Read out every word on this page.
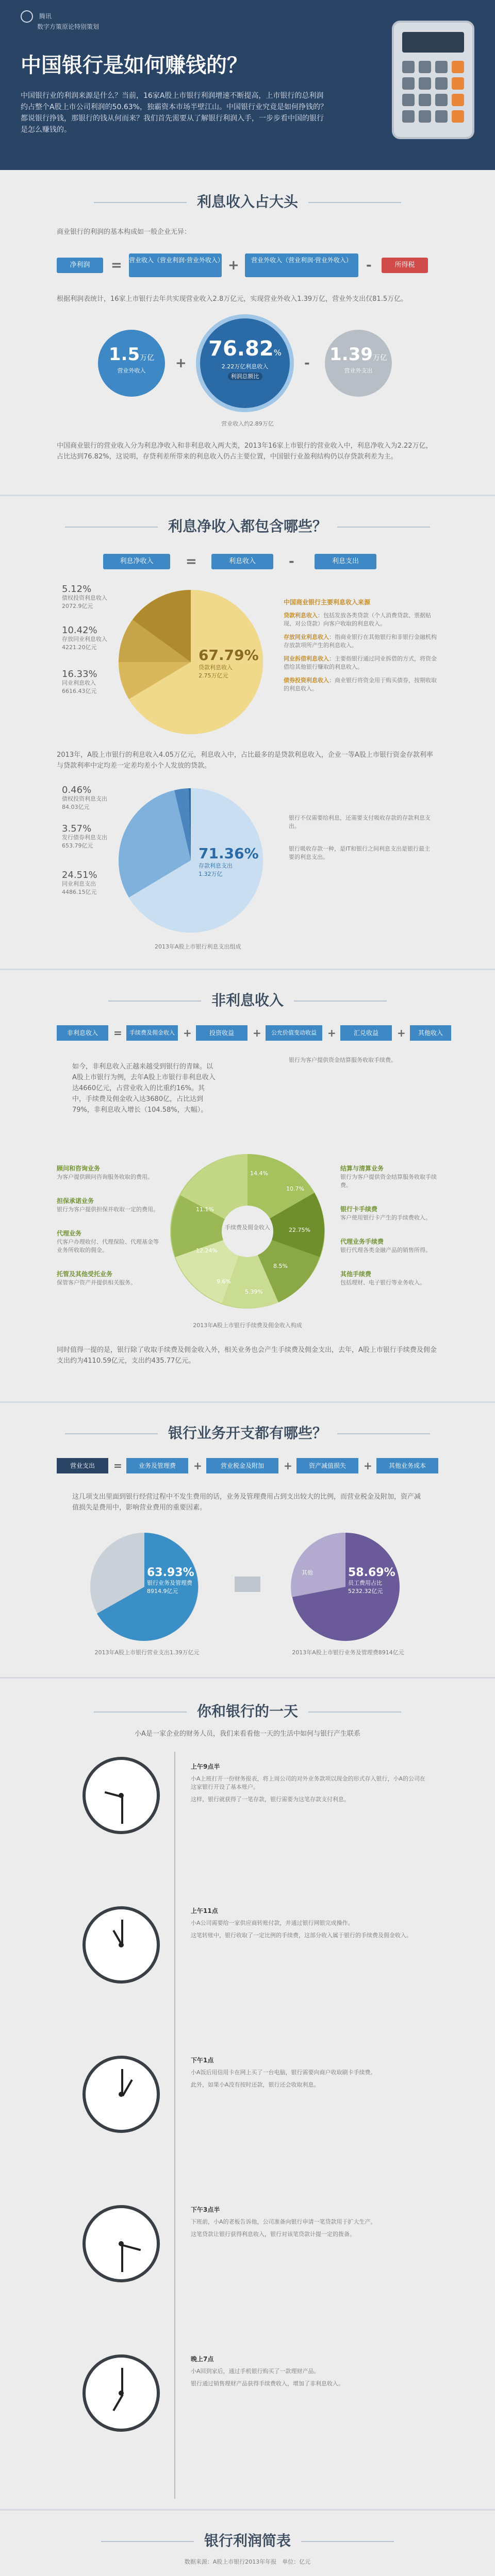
腾讯
数字方策原论特别策划
中国银行是如何赚钱的？
中国银行业的利润来源是什么？当前，16家A股上市银行利润增速不断提高，上市银行的总利润约占整个A股上市公司利润的50.63%，独霸资本市场半壁江山。中国银行业究竟是如何挣钱的？都说银行挣钱，那银行的钱从何而来？我们首先需要从了解银行利润入手，一步步看中国的银行是怎么赚钱的。
利息收入占大头
商业银行的利润的基本构成如一般企业无异：
净利润	= 营业收入（营业利润·营业外收入） +	营业外收入（营业利润·营业外收入）	-	所得税
根据利润表统计，16家上市银行去年共实现营业收入2.8万亿元，实现营业外收入1.39万亿，营业外支出仅81.5万亿。
1.5万亿
营业外收入	+
76.82%
2.22万亿利息收入
利润总额比
- 1.39万亿
营业外支出
营业收入约2.89万亿
中国商业银行的营业收入分为利息净收入和非利息收入两大类，2013年16家上市银行的营业收入中，利息净收入为2.22万亿，占比达到76.82%，这说明，存贷利差所带来的利息收入仍占主要位置，中国银行业盈利结构仍以存贷款利差为主。
利息净收入都包含哪些？
利息净收入	=	利息收入	-	利息支出
5.12%
债权投资利息收入
2072.9亿元
10.42%
存放同业利息收入
4221.20亿元
16.33%
同业利息收入
6616.43亿元
67.79%
贷款利息收入
2.75万亿元
中国商业银行主要利息收入来源
贷款利息收入：包括发放各类贷款（个人消费贷款、票据贴现、对公贷款）向客户收取的利息收入。
存放同业利息收入：指商业银行在其他银行和非银行金融机构存放款项所产生的利息收入。
同业拆借利息收入：主要指银行通过同业拆借的方式，将资金借给其他银行赚取的利息收入。
债券投资利息收入：商业银行将资金用于购买债券，按期收取的利息收入。
2013年，A股上市银行的利息收入4.05万亿元，利息收入中，占比最多的是贷款利息收入，企业一等A股上市银行资金存款利率与贷款利率中定均差一定差均差小个人发放的贷款。
0.46%
债权投资利息支出
84.03亿元
3.57%
发行债券利息支出
653.79亿元
24.51%
同业利息支出
4486.15亿元
71.36%
存款利息支出
1.32万亿
银行不仅需要给利息，还需要支付吸收存款的存款利息支出。
银行吸收存款一种，是IT和银行之间利息支出是银行最主要的利息支出。
2013年A股上市银行利息支出组成
非利息收入
非利息收入	=	手续费及佣金收入 +	投资收益	+	公允价值变动收益	+	汇兑收益	+	其他收入
如今，非利息收入正越来越受到银行的青睐。以A股上市银行为例，去年A股上市银行非利息收入达4660亿元，占营业收入的比重约16%。其中，手续费及佣金收入达3680亿，占比达到79%，非利息收入增长（104.58%，大幅）。
手续费及佣金收入
14.4%
10.7%
11.1%
22.75%
12.24%
8.5%
9.6%
5.39%
银行为客户提供资金结算服务收取手续费。
顾问和咨询业务
为客户提供顾问咨询服务收取的费用。
担保承诺业务
银行为客户提供担保并收取一定的费用。
代理业务
代客户办理收付、代理保险、代理基金等业务所收取的佣金。
托管及其他受托业务
保管客户资产并提供相关服务。
结算与清算业务
银行为客户提供资金结算服务收取手续费。
银行卡手续费
客户使用银行卡产生的手续费收入。
代理业务手续费
银行代理各类金融产品的销售所得。
其他手续费
包括理财、电子银行等业务收入。
2013年A股上市银行手续费及佣金收入构成
同时值得一提的是，银行除了收取手续费及佣金收入外，相关业务也会产生手续费及佣金支出，去年，A股上市银行手续费及佣金支出约为4110.59亿元，支出约435.77亿元。
银行业务开支都有哪些？
营业支出	=	业务及管理费	+	营业税金及附加	+	资产减值损失	+	其他业务成本
这几项支出里面到银行经营过程中不发生费用的话，业务及管理费用占到支出较大的比例，而营业税金及附加，资产减值损失是费用中，影响营业费用的重要因素。
63.93%
银行业务及管理费
8914.9亿元
2013年A股上市银行营业支出1.39万亿元
其他	58.69%
员工费用占比
5232.32亿元
2013年A股上市银行业务及管理费8914亿元
你和银行的一天
小A是一家企业的财务人员，我们来看看他一天的生活中如何与银行产生联系
上午9点半
小A上班打开一份财务报表，将上周公司的对外业务款项以现金的形式存入银行，小A的公司在这家银行开设了基本账户。
这样，银行就获得了一笔存款，银行需要为这笔存款支付利息。
上午11点
小A公司需要给一家供应商转账付款，并通过银行网银完成操作。
这笔转账中，银行收取了一定比例的手续费，这部分收入属于银行的手续费及佣金收入。
下午1点
小A饭后用信用卡在网上买了一台电脑，银行需要向商户收取刷卡手续费。
此外，如果小A没有按时还款，银行还会收取利息。
下午3点半
下班前，小A的老板告诉他，公司准备向银行申请一笔贷款用于扩大生产。
这笔贷款让银行获得利息收入，银行对该笔贷款计提一定的拨备。
晚上7点
小A回到家后，通过手机银行购买了一款理财产品。
银行通过销售理财产品获得手续费收入，增加了非利息收入。
银行利润简表
数据来源：A股上市银行2013年年报　单位：亿元
